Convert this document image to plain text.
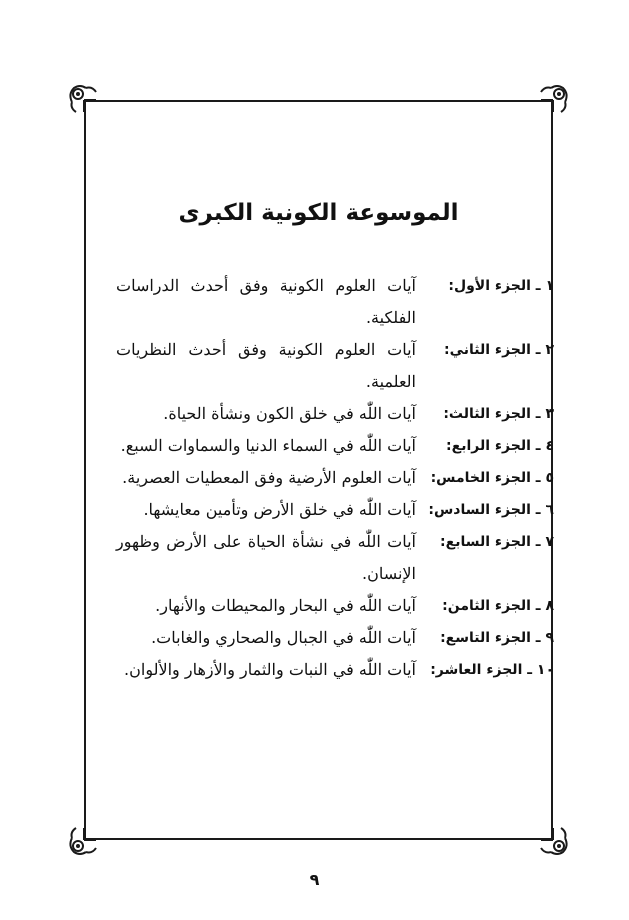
الموسوعة الكونية الكبرى
١ ـ الجزء الأول:
آيات العلوم الكونية وفق أحدث الدراسات الفلكية.
٢ ـ الجزء الثاني:
آيات العلوم الكونية وفق أحدث النظريات العلمية.
٣ ـ الجزء الثالث:
آيات اللّٰه في خلق الكون ونشأة الحياة.
٤ ـ الجزء الرابع:
آيات اللّٰه في السماء الدنيا والسماوات السبع.
٥ ـ الجزء الخامس:
آيات العلوم الأرضية وفق المعطيات العصرية.
٦ ـ الجزء السادس:
آيات اللّٰه في خلق الأرض وتأمين معايشها.
٧ ـ الجزء السابع:
آيات اللّٰه في نشأة الحياة على الأرض وظهور الإنسان.
٨ ـ الجزء الثامن:
آيات اللّٰه في البحار والمحيطات والأنهار.
٩ ـ الجزء التاسع:
آيات اللّٰه في الجبال والصحاري والغابات.
١٠ ـ الجزء العاشر:
آيات اللّٰه في النبات والثمار والأزهار والألوان.
٩
